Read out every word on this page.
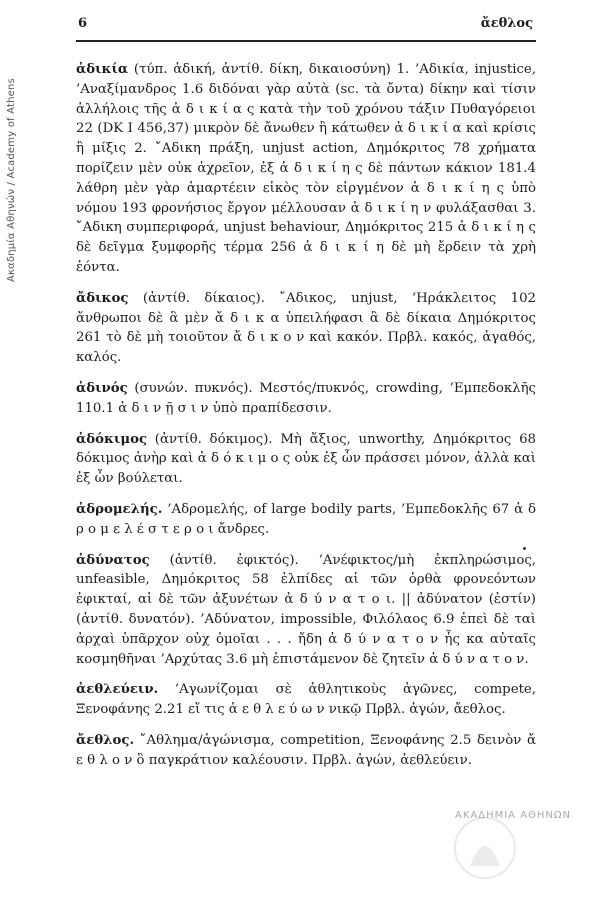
Ακαδημία Αθηνών / Academy of Athens
6	ἄεθλος

ἀδικία (τύπ. ἀδική, ἀντίθ. δίκη, δικαιοσύνη) 1. ’Αδικία, injustice, ’Αναξίμανδρος 1.6 διδόναι γὰρ αὐτὰ (sc. τὰ ὄντα) δίκην καὶ τίσιν ἀλλήλοις τῆς ἀ δ ι κ ί α ς κατὰ τὴν τοῦ χρόνου τάξιν Πυθαγόρειοι 22 (DK I 456,37) μικρὸν δὲ ἄνωθεν ἢ κάτωθεν ἀ δ ι κ ί α καὶ κρίσις ἢ μίξις 2. ῎Αδικη πράξη, unjust action, Δημόκριτος 78 χρήματα πορίζειν μὲν οὐκ ἀχρεῖον, ἐξ ἀ δ ι κ ί η ς δὲ πάντων κάκιον 181.4 λάθρη μὲν γὰρ ἁμαρτέειν εἰκὸς τὸν εἰργμένον ἀ δ ι κ ί η ς ὑπὸ νόμου 193 φρονήσιος ἔργον μέλλουσαν ἀ δ ι κ ί η ν φυλάξασθαι 3. ῎Αδικη συμπεριφορά, unjust behaviour, Δημόκριτος 215 ἀ δ ι κ ί η ς δὲ δεῖγμα ξυμφορῆς τέρμα 256 ἀ δ ι κ ί η δὲ μὴ ἔρδειν τὰ χρὴ ἐόντα.

ἄδικος (ἀντίθ. δίκαιος). ῎Αδικος, unjust, ‘Ηράκλειτος 102 ἄνθρωποι δὲ ἃ μὲν ἄ δ ι κ α ὑπειλήφασι ἃ δὲ δίκαια Δημόκριτος 261 τὸ δὲ μὴ τοιοῦτον ἄ δ ι κ ο ν καὶ κακόν. Πρβλ. κακός, ἀγαθός, καλός.

ἀδινός (συνών. πυκνός). Μεστός/πυκνός, crowding, ’Εμπεδοκλῆς 110.1 ἀ δ ι ν ῇ σ ι ν ὑπὸ πραπίδεσσιν.

ἀδόκιμος (ἀντίθ. δόκιμος). Μὴ ἄξιος, unworthy, Δημόκριτος 68 δόκιμος ἀνὴρ καὶ ἀ δ ό κ ι μ ο ς οὐκ ἐξ ὧν πράσσει μόνον, ἀλλὰ καὶ ἐξ ὧν βούλεται.

ἀδρομελής. ’Αδρομελής, of large bodily parts, ’Εμπεδοκλῆς 67 ἀ δ ρ ο μ ε λ έ σ τ ε ρ ο ι ἄνδρες.

ἀδύνατος (ἀντίθ. ἐφικτός). ’Ανέφικτος/μὴ ἐκπληρώσιμος, unfeasible, Δημόκριτος 58 ἐλπίδες αἱ τῶν ὀρθὰ φρονεόντων ἐφικταί, αἱ δὲ τῶν ἀξυνέτων ἀ δ ύ ν α τ ο ι. || ἀδύνατον (ἐστίν) (ἀντίθ. δυνατόν). ’Αδύνατον, impossible, Φιλόλαος 6.9 ἐπεὶ δὲ ταὶ ἀρχαὶ ὑπᾶρχον οὐχ ὁμοῖαι . . . ἤδη ἀ δ ύ ν α τ ο ν ἦς κα αὐταῖς κοσμηθῆναι ’Αρχύτας 3.6 μὴ ἐπιστάμενον δὲ ζητεῖν ἀ δ ύ ν α τ ο ν.

ἀεθλεύειν. ’Αγωνίζομαι σὲ ἀθλητικοὺς ἀγῶνες, compete, Ξενοφάνης 2.21 εἴ τις ἀ ε θ λ ε ύ ω ν νικῷ Πρβλ. ἀγών, ἄεθλος.

ἄεθλος. ῎Αθλημα/ἀγώνισμα, competition, Ξενοφάνης 2.5 δεινὸν ἄ ε θ λ ο ν ὃ παγκράτιον καλέουσιν. Πρβλ. ἀγών, ἀεθλεύειν.

ΑΚΑΔΗΜΙΑ ΑΘΗΝΩΝ
